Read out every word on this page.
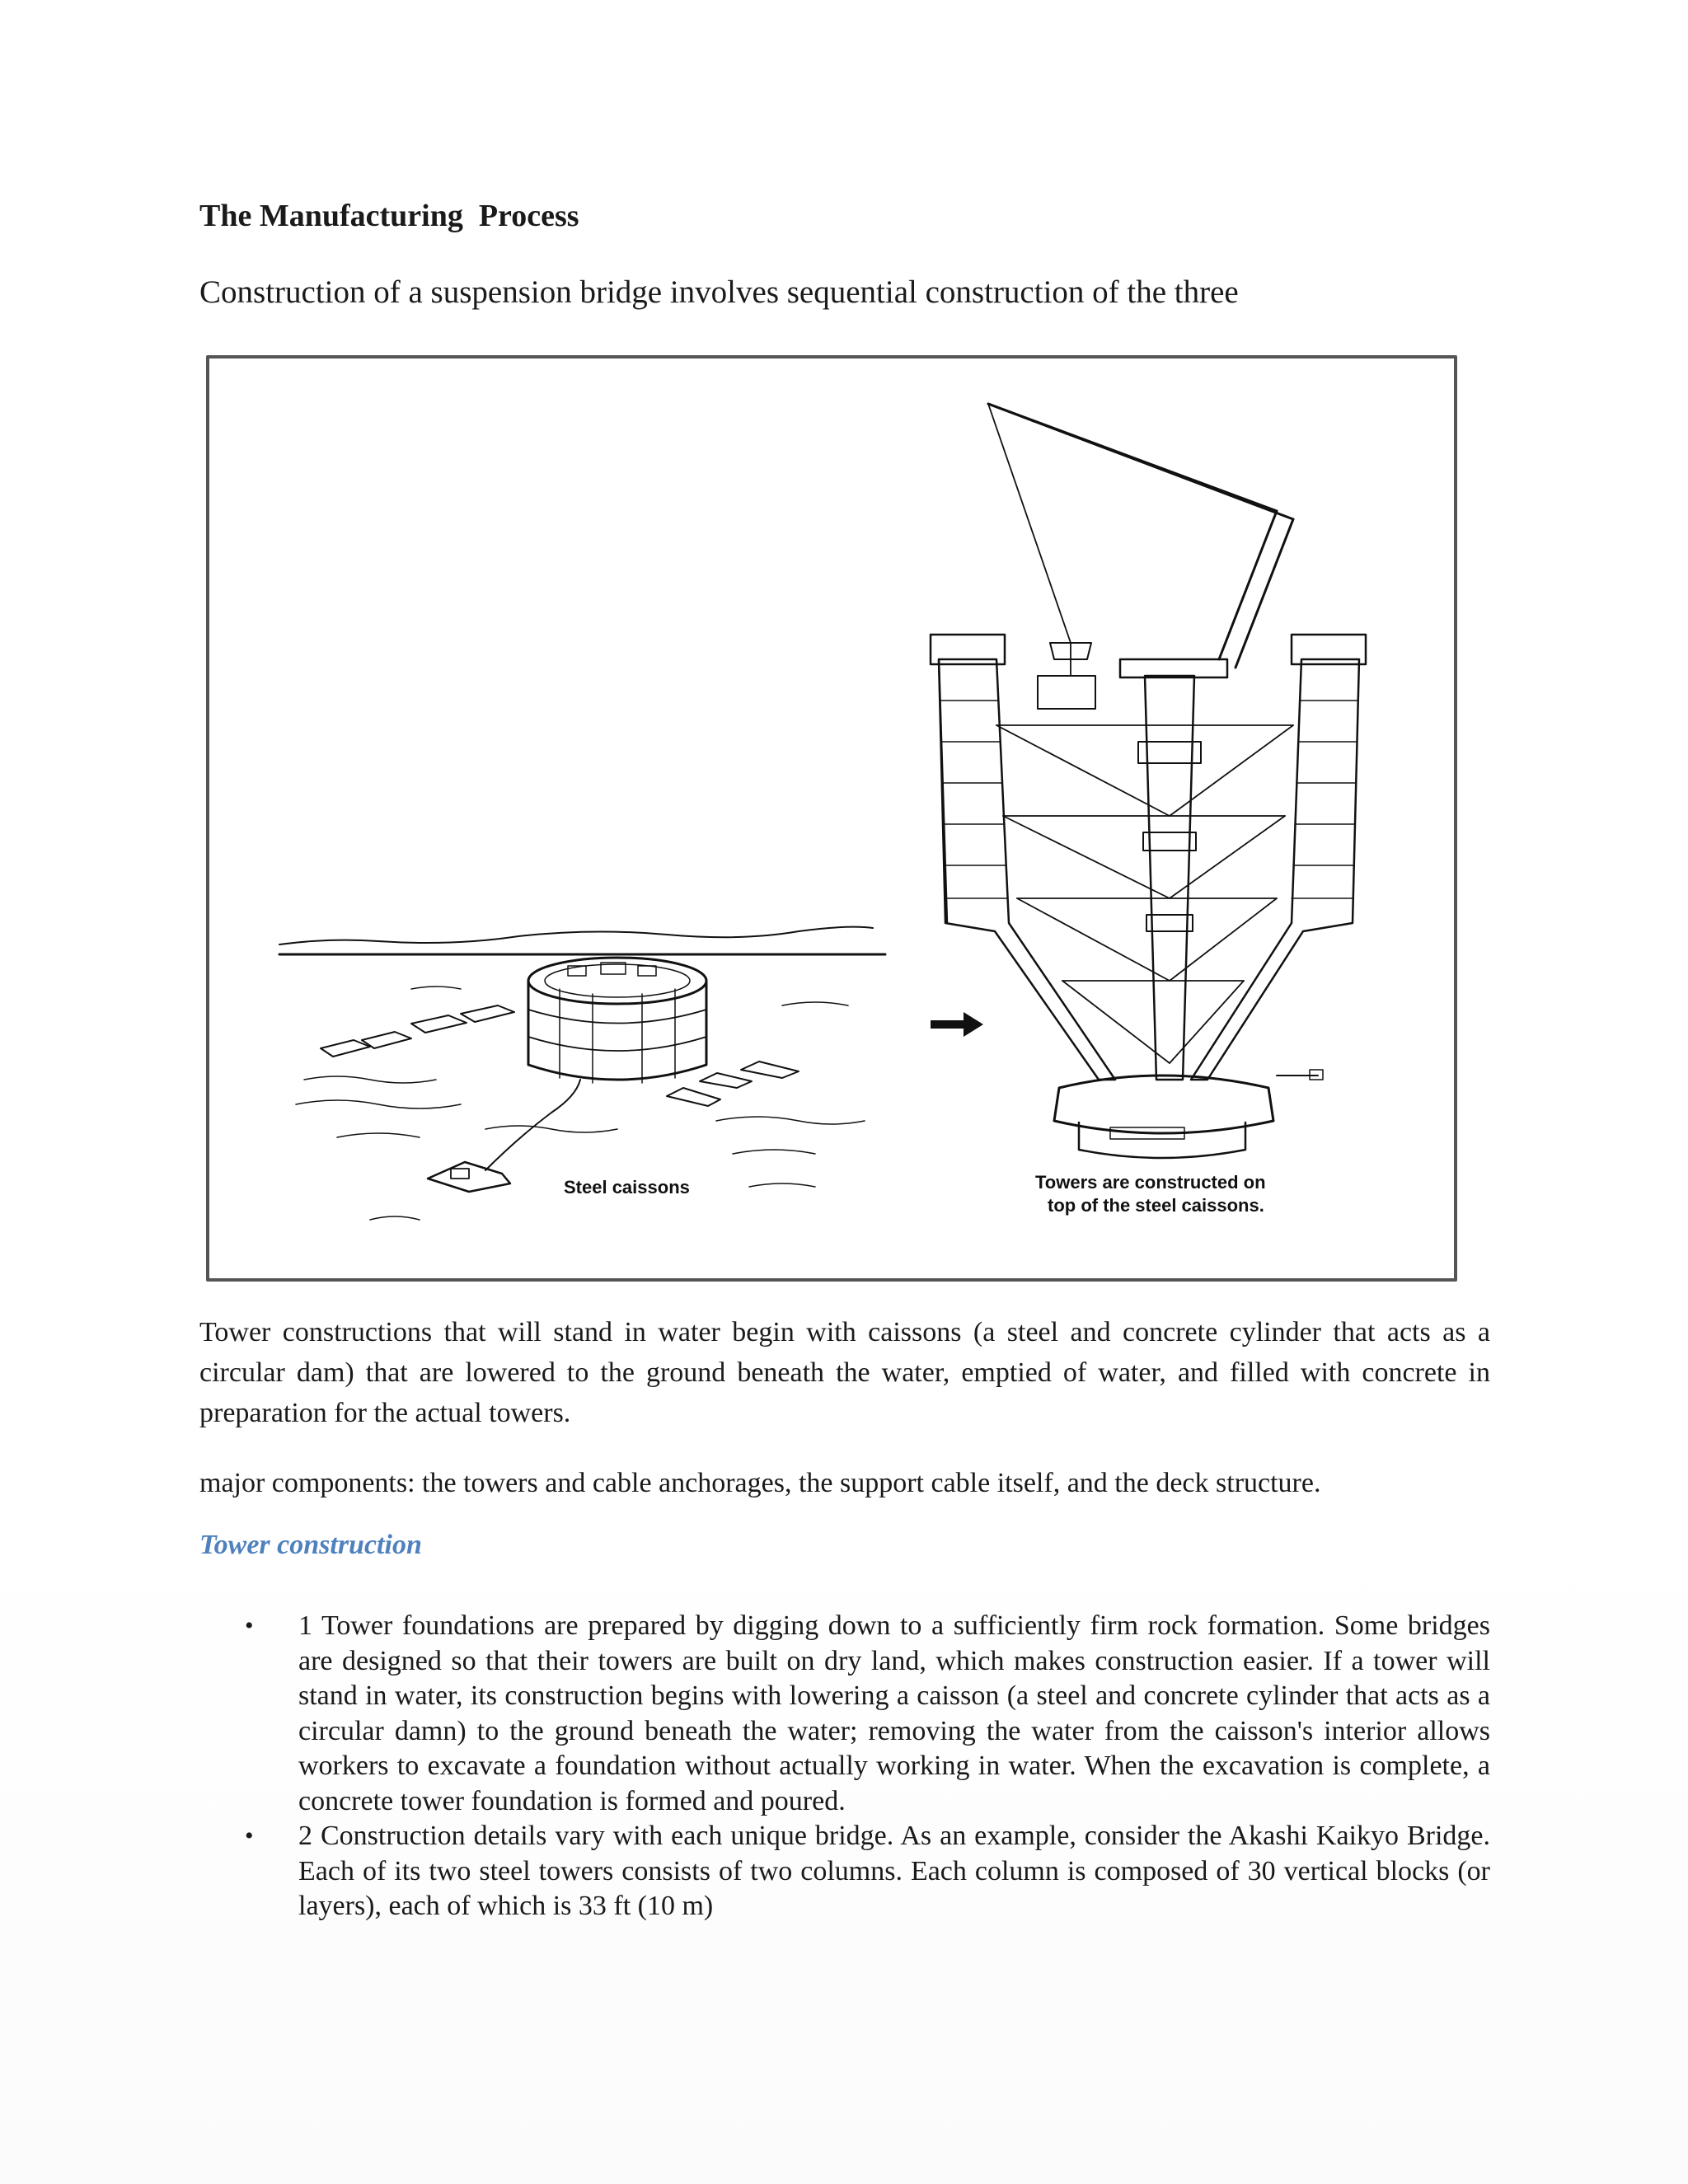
The Manufacturing  Process
Construction of a suspension bridge involves sequential construction of the three
Steel caissons	Towers are constructed on
top of the steel caissons.
Tower constructions that will stand in water begin with caissons (a steel and concrete cylinder that acts as a circular dam) that are lowered to the ground beneath the water, emptied of water, and filled with concrete in preparation for the actual towers.
major components: the towers and cable anchorages, the support cable itself, and the deck structure.
Tower construction
• 1 Tower foundations are prepared by digging down to a sufficiently firm rock formation. Some bridges are designed so that their towers are built on dry land, which makes construction easier. If a tower will stand in water, its construction begins with lowering a caisson (a steel and concrete cylinder that acts as a circular damn) to the ground beneath the water; removing the water from the caisson's interior allows workers to excavate a foundation without actually working in water. When the excavation is complete, a concrete tower foundation is formed and poured.
• 2 Construction details vary with each unique bridge. As an example, consider the Akashi Kaikyo Bridge. Each of its two steel towers consists of two columns. Each column is composed of 30 vertical blocks (or layers), each of which is 33 ft (10 m)
